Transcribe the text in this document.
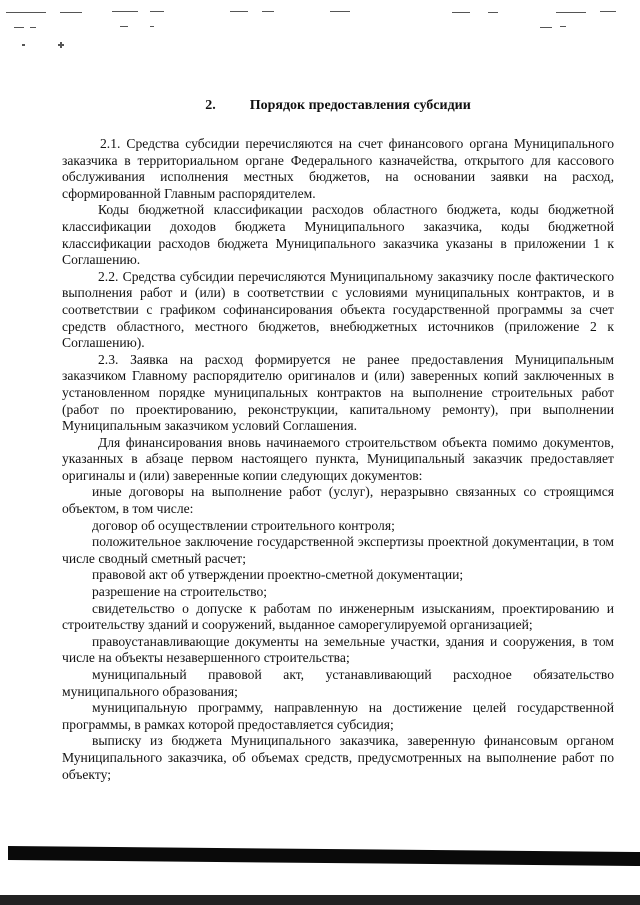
2. Порядок предоставления субсидии

2.1. Средства субсидии перечисляются на счет финансового органа Муниципального заказчика в территориальном органе Федерального казначейства, открытого для кассового обслуживания исполнения местных бюджетов, на основании заявки на расход, сформированной Главным распорядителем.

Коды бюджетной классификации расходов областного бюджета, коды бюджетной классификации доходов бюджета Муниципального заказчика, коды бюджетной классификации расходов бюджета Муниципального заказчика указаны в приложении 1 к Соглашению.

2.2. Средства субсидии перечисляются Муниципальному заказчику после фактического выполнения работ и (или) в соответствии с условиями муниципальных контрактов, и в соответствии с графиком софинансирования объекта государственной программы за счет средств областного, местного бюджетов, внебюджетных источников (приложение 2 к Соглашению).

2.3. Заявка на расход формируется не ранее предоставления Муниципальным заказчиком Главному распорядителю оригиналов и (или) заверенных копий заключенных в установленном порядке муниципальных контрактов на выполнение строительных работ (работ по проектированию, реконструкции, капитальному ремонту), при выполнении Муниципальным заказчиком условий Соглашения.

Для финансирования вновь начинаемого строительством объекта помимо документов, указанных в абзаце первом настоящего пункта, Муниципальный заказчик предоставляет оригиналы и (или) заверенные копии следующих документов:

иные договоры на выполнение работ (услуг), неразрывно связанных со строящимся объектом, в том числе:

договор об осуществлении строительного контроля;

положительное заключение государственной экспертизы проектной документации, в том числе сводный сметный расчет;

правовой акт об утверждении проектно-сметной документации;

разрешение на строительство;

свидетельство о допуске к работам по инженерным изысканиям, проектированию и строительству зданий и сооружений, выданное саморегулируемой организацией;

правоустанавливающие документы на земельные участки, здания и сооружения, в том числе на объекты незавершенного строительства;

муниципальный правовой акт, устанавливающий расходное обязательство муниципального образования;

муниципальную программу, направленную на достижение целей государственной программы, в рамках которой предоставляется субсидия;

выписку из бюджета Муниципального заказчика, заверенную финансовым органом Муниципального заказчика, об объемах средств, предусмотренных на выполнение работ по объекту;
